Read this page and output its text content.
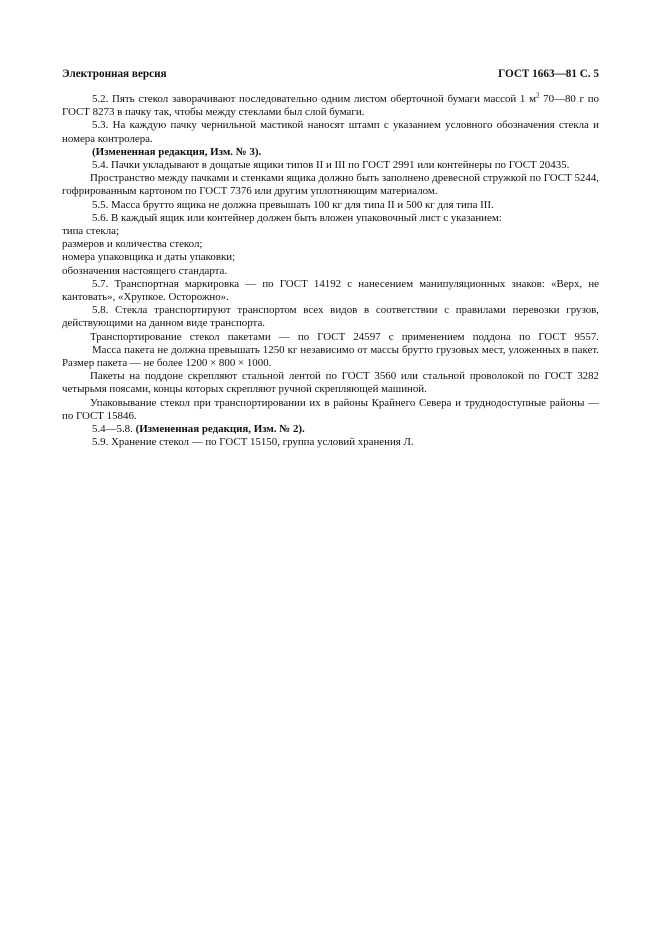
Электронная версия	ГОСТ 1663—81 С. 5

5.2. Пять стекол заворачивают последовательно одним листом оберточной бумаги массой 1 $м^2$ 70—80 г по ГОСТ 8273 в пачку так, чтобы между стеклами был слой бумаги.

5.3. На каждую пачку чернильной мастикой наносят штамп с указанием условного обозначения стекла и номера контролера.

(Измененная редакция, Изм. № 3).

5.4. Пачки укладывают в дощатые ящики типов II и III по ГОСТ 2991 или контейнеры по ГОСТ 20435.

Пространство между пачками и стенками ящика должно быть заполнено древесной стружкой по ГОСТ 5244, гофрированным картоном по ГОСТ 7376 или другим уплотняющим материалом.

5.5. Масса брутто ящика не должна превышать 100 кг для типа II и 500 кг для типа III.

5.6. В каждый ящик или контейнер должен быть вложен упаковочный лист с указанием:

типа стекла;

размеров и количества стекол;

номера упаковщика и даты упаковки;

обозначения настоящего стандарта.

5.7. Транспортная маркировка — по ГОСТ 14192 с нанесением манипуляционных знаков: «Верх, не кантовать», «Хрупкое. Осторожно».

5.8. Стекла транспортируют транспортом всех видов в соответствии с правилами перевозки грузов, действующими на данном виде транспорта.

Транспортирование стекол пакетами — по ГОСТ 24597 с применением поддона по ГОСТ 9557.

Масса пакета не должна превышать 1250 кг независимо от массы брутто грузовых мест, уложенных в пакет. Размер пакета — не более 1200 × 800 × 1000.

Пакеты на поддоне скрепляют стальной лентой по ГОСТ 3560 или стальной проволокой по ГОСТ 3282 четырьмя поясами, концы которых скрепляют ручной скрепляющей машиной.

Упаковывание стекол при транспортировании их в районы Крайнего Севера и труднодоступные районы — по ГОСТ 15846.

5.4—5.8. (Измененная редакция, Изм. № 2).

5.9. Хранение стекол — по ГОСТ 15150, группа условий хранения Л.
